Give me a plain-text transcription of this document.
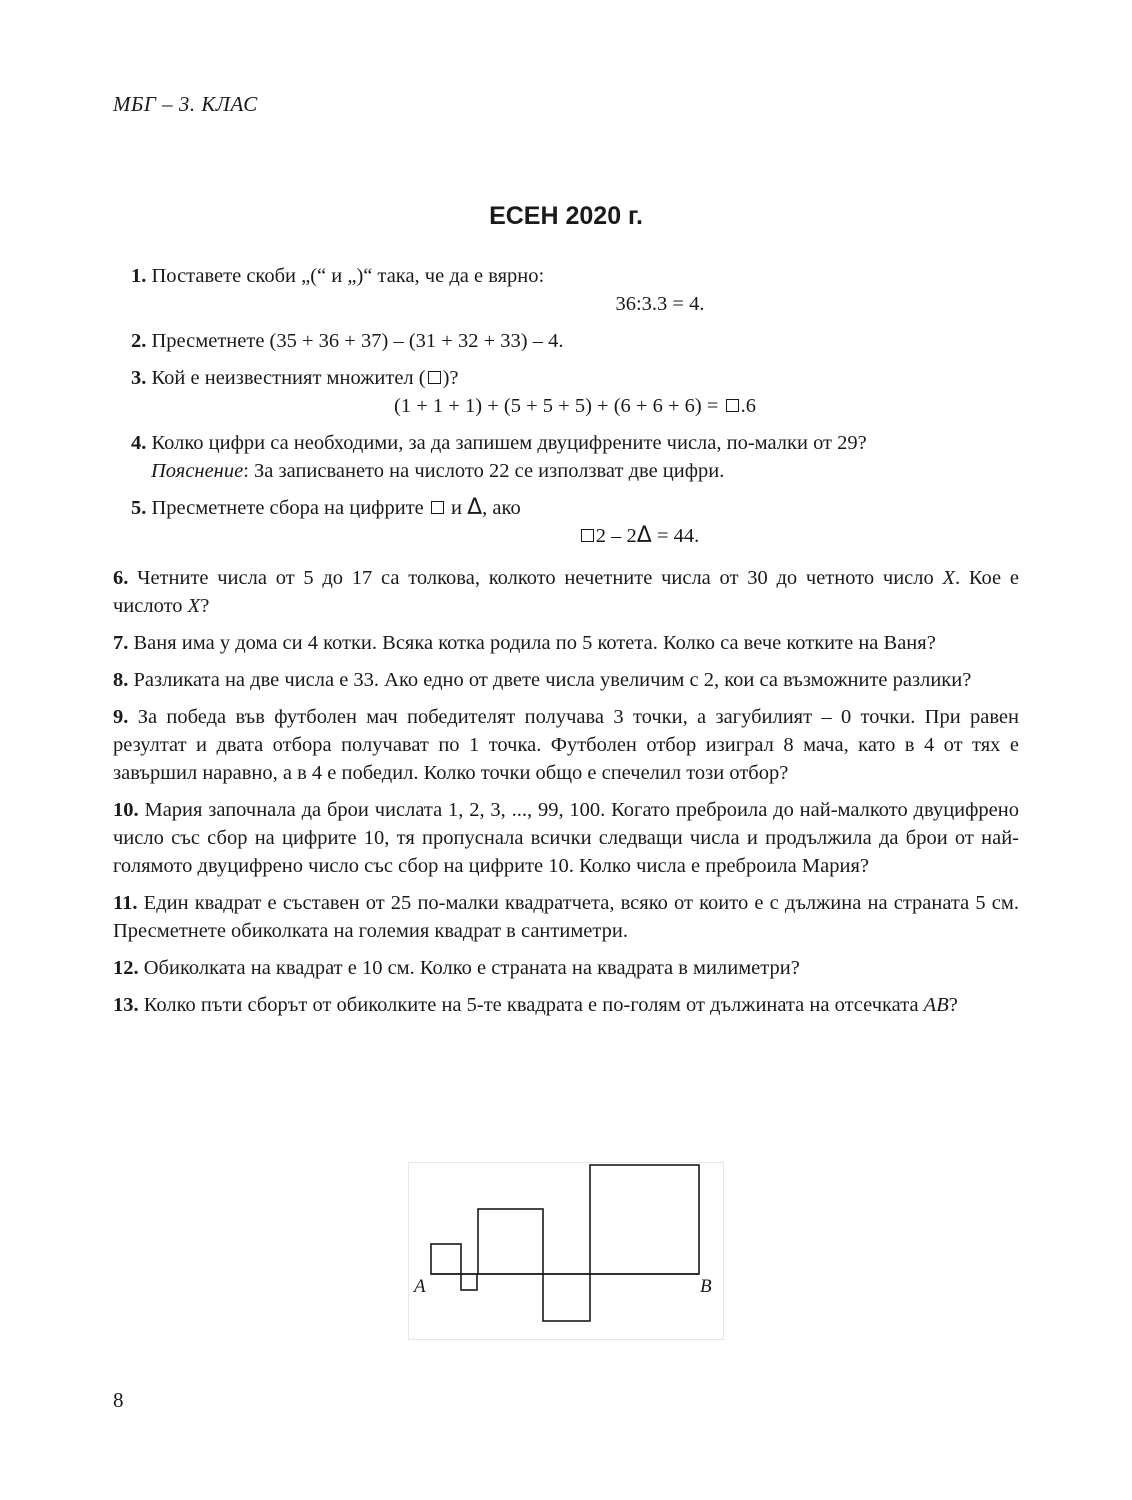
МБГ – 3. КЛАС
ЕСЕН 2020 г.
1. Поставете скоби „(“ и „)“ така, че да е вярно:
36:3.3 = 4.
2. Пресметнете (35 + 36 + 37) – (31 + 32 + 33) – 4.
3. Кой е неизвестният множител ( )?
(1 + 1 + 1) + (5 + 5 + 5) + (6 + 6 + 6) = .6
4. Колко цифри са необходими, за да запишем двуцифрените числа, по-малки от 29?
Пояснение: За записването на числото 22 се използват две цифри.
5. Пресметнете сбора на цифрите  и Δ, ако
2 – 2Δ = 44.
6. Четните числа от 5 до 17 са толкова, колкото нечетните числа от 30 до четното число X. Кое е числото X?
7. Ваня има у дома си 4 котки. Всяка котка родила по 5 котета. Колко са вече котките на Ваня?
8. Разликата на две числа е 33. Ако едно от двете числа увеличим с 2, кои са възможните разлики?
9. За победа във футболен мач победителят получава 3 точки, а загубилият – 0 точки. При равен резултат и двата отбора получават по 1 точка. Футболен отбор изиграл 8 мача, като в 4 от тях е завършил наравно, а в 4 е победил. Колко точки общо е спечелил този отбор?
10. Мария започнала да брои числата 1, 2, 3, ..., 99, 100. Когато преброила до най-малкото двуцифрено число със сбор на цифрите 10, тя пропуснала всички следващи числа и продължила да брои от най-голямото двуцифрено число със сбор на цифрите 10. Колко числа е преброила Мария?
11. Един квадрат е съставен от 25 по-малки квадратчета, всяко от които е с дължина на страната 5 см. Пресметнете обиколката на големия квадрат в сантиметри.
12. Обиколката на квадрат е 10 см. Колко е страната на квадрата в милиметри?
13. Колко пъти сборът от обиколките на 5-те квадрата е по-голям от дължината на отсечката AB?
A	B
8
